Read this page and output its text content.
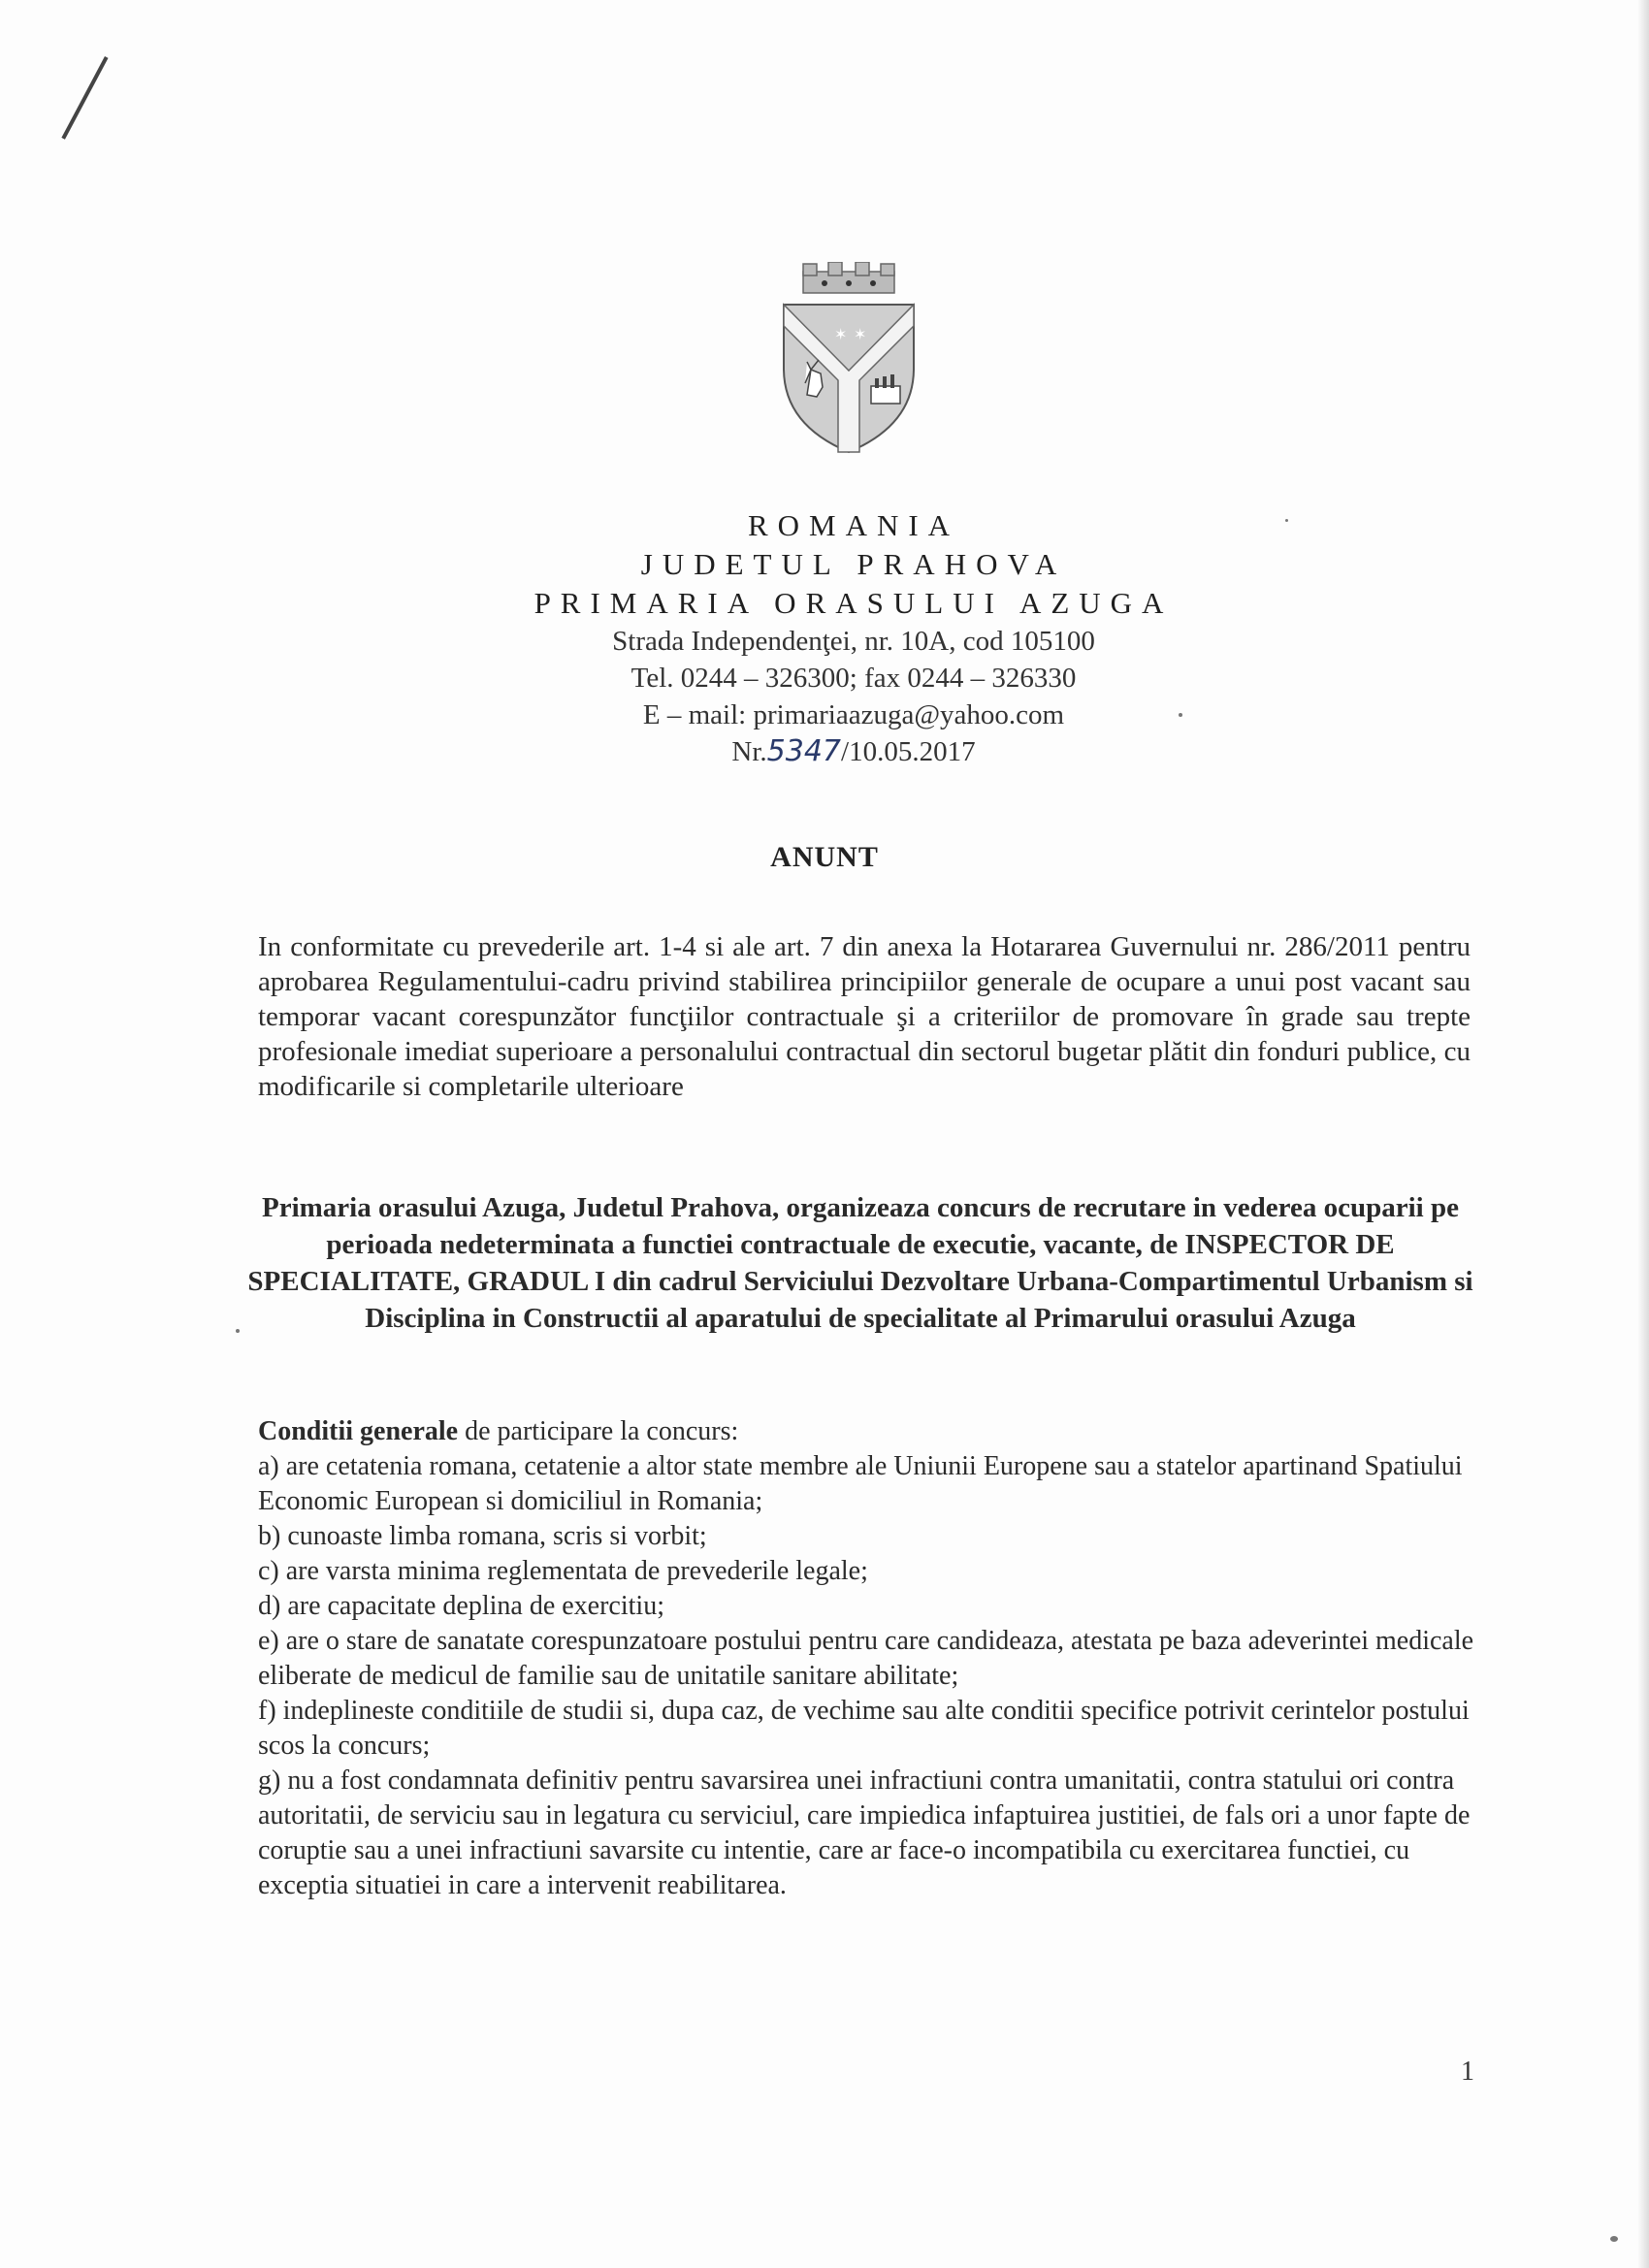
✶ ✶
ROMANIA
JUDETUL PRAHOVA
PRIMARIA ORASULUI AZUGA
Strada Independenţei, nr. 10A, cod 105100
Tel. 0244 – 326300; fax 0244 – 326330
E – mail: primariaazuga@yahoo.com
Nr.5347/10.05.2017
ANUNT
In conformitate cu prevederile art. 1-4 si ale art. 7 din anexa la Hotararea Guvernului nr. 286/2011 pentru aprobarea Regulamentului-cadru privind stabilirea principiilor generale de ocupare a unui post vacant sau temporar vacant corespunzător funcţiilor contractuale şi a criteriilor de promovare în grade sau trepte profesionale imediat superioare a personalului contractual din sectorul bugetar plătit din fonduri publice, cu modificarile si completarile ulterioare
Primaria orasului Azuga, Judetul Prahova, organizeaza concurs de recrutare in vederea ocuparii pe perioada nedeterminata a functiei contractuale de executie, vacante, de INSPECTOR DE SPECIALITATE, GRADUL I din cadrul Serviciului Dezvoltare Urbana-Compartimentul Urbanism si Disciplina in Constructii al aparatului de specialitate al Primarului orasului Azuga
Conditii generale de participare la concurs:

a) are cetatenia romana, cetatenie a altor state membre ale Uniunii Europene sau a statelor apartinand Spatiului Economic European si domiciliul in Romania;

b) cunoaste limba romana, scris si vorbit;

c) are varsta minima reglementata de prevederile legale;

d) are capacitate deplina de exercitiu;

e) are o stare de sanatate corespunzatoare postului pentru care candideaza, atestata pe baza adeverintei medicale eliberate de medicul de familie sau de unitatile sanitare abilitate;

f) indeplineste conditiile de studii si, dupa caz, de vechime sau alte conditii specifice potrivit cerintelor postului scos la concurs;

g) nu a fost condamnata definitiv pentru savarsirea unei infractiuni contra umanitatii, contra statului ori contra autoritatii, de serviciu sau in legatura cu serviciul, care impiedica infaptuirea justitiei, de fals ori a unor fapte de coruptie sau a unei infractiuni savarsite cu intentie, care ar face-o incompatibila cu exercitarea functiei, cu exceptia situatiei in care a intervenit reabilitarea.

1
